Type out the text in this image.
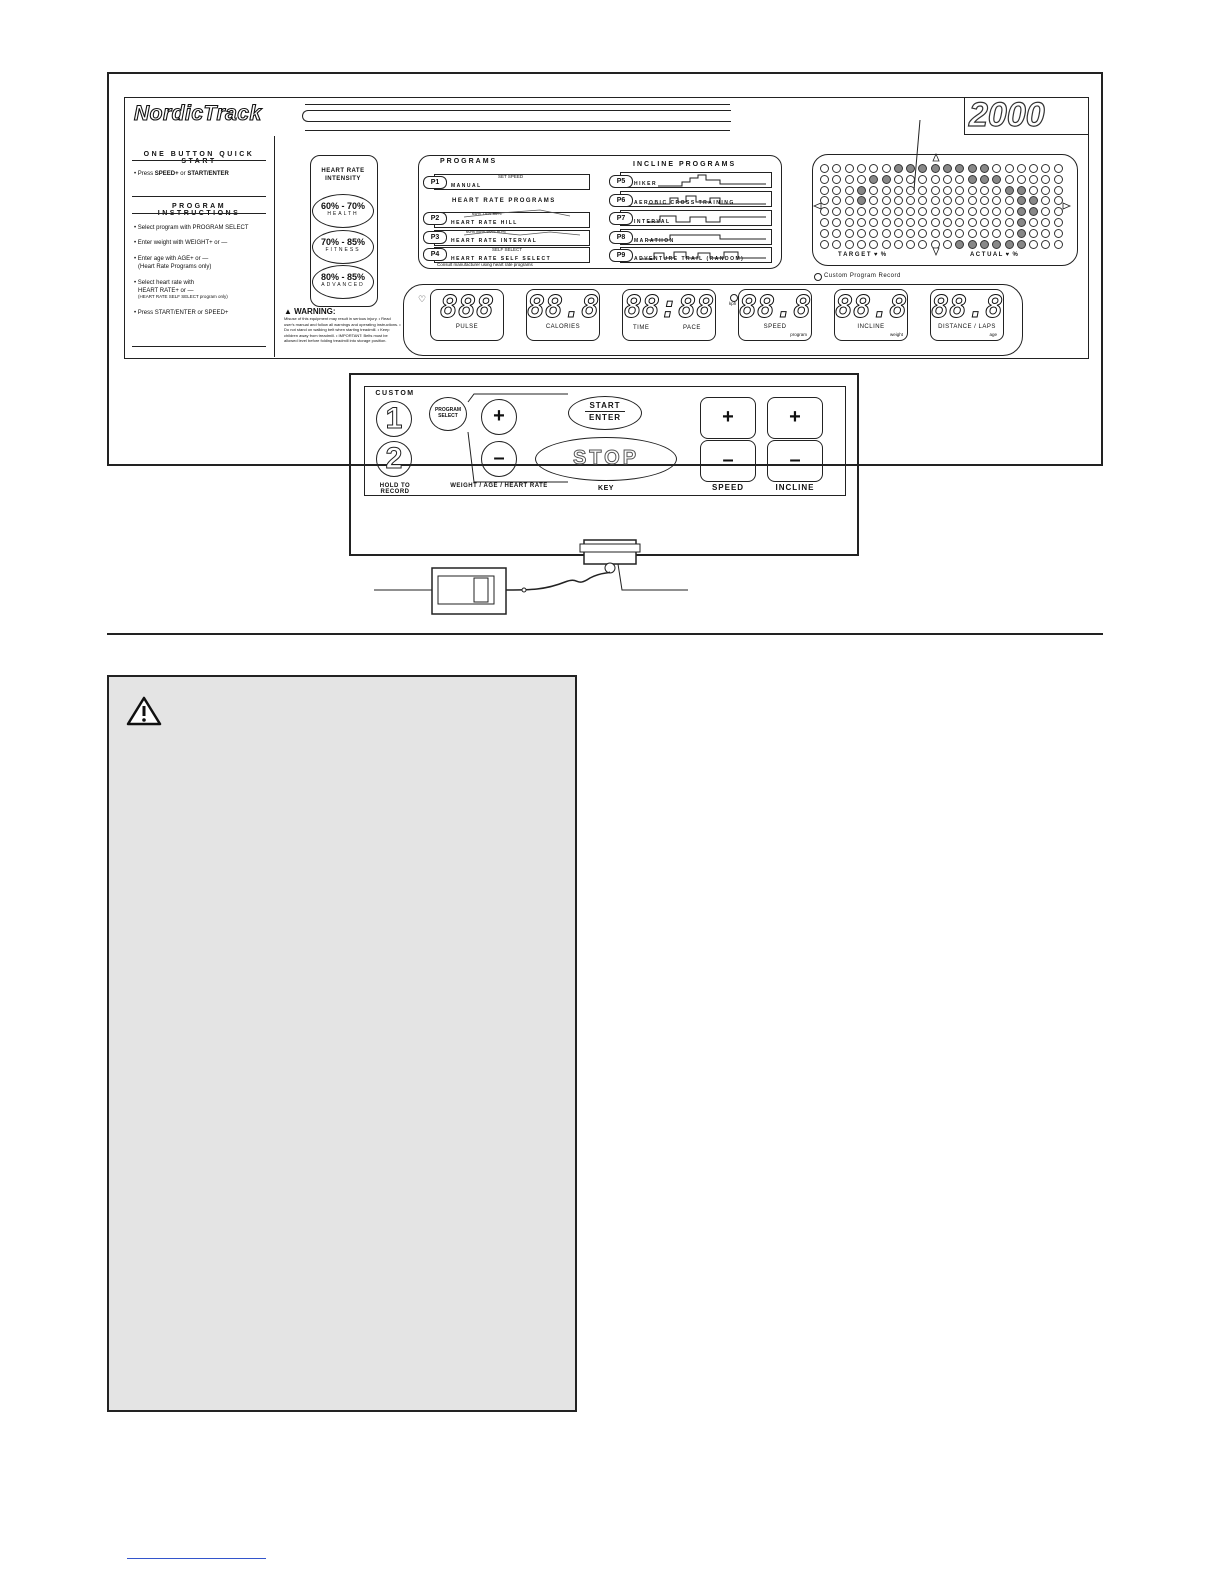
NordicTrack	2000
ONE BUTTON QUICK START
• Press SPEED+ or START/ENTER
PROGRAM INSTRUCTIONS
• Select program with PROGRAM SELECT
• Enter weight with WEIGHT+ or —
• Enter age with AGE+ or —
(Heart Rate Programs only)
• Select heart rate with
HEART RATE+ or —
(HEART RATE SELF SELECT program only)
• Press START/ENTER or SPEED+
HEART RATE INTENSITY
60% - 70%
HEALTH
70% - 85%
FITNESS
80% - 85%
ADVANCED
▲ WARNING:
Misuse of this equipment may result in serious injury. • Read user's manual and follow all warnings and operating instructions. • Do not stand on walking belt when starting treadmill. • Keep children away from treadmill. • IMPORTANT: Belts must be allowed level before folding treadmill into storage position.
PROGRAMS	INCLINE PROGRAMS
HEART RATE PROGRAMS
Consult manufacturer using heart rate programs
P1	MANUAL
SET SPEED
P2
HEART RATE HILL
65% 75% 85%
P3	HEART RATE INTERVAL
60% 80% 60% 80%
P4
HEART RATE SELF SELECT
SELF SELECT
P5	HIKER
P6	AEROBIC CROSS TRAINING
P7	INTERVAL
P8	MARATHON
P9	ADVENTURE TRAIL (RANDOM)
T A R G E T  ♥  %	A C T U A L  ♥  %
Custom Program Record
♡	kph
888
PULSE
88.8
CALORIES
88:88
TIME	PACE
88.8
SPEED
program
88.8
INCLINE
weight
88.8
DISTANCE / LAPS
age
CUSTOM
1
2
HOLD TO RECORD
PROGRAM
SELECT	+
–
WEIGHT / AGE / HEART RATE
START
ENTER
STOP
KEY
+
–
SPEED
+
–
INCLINE
